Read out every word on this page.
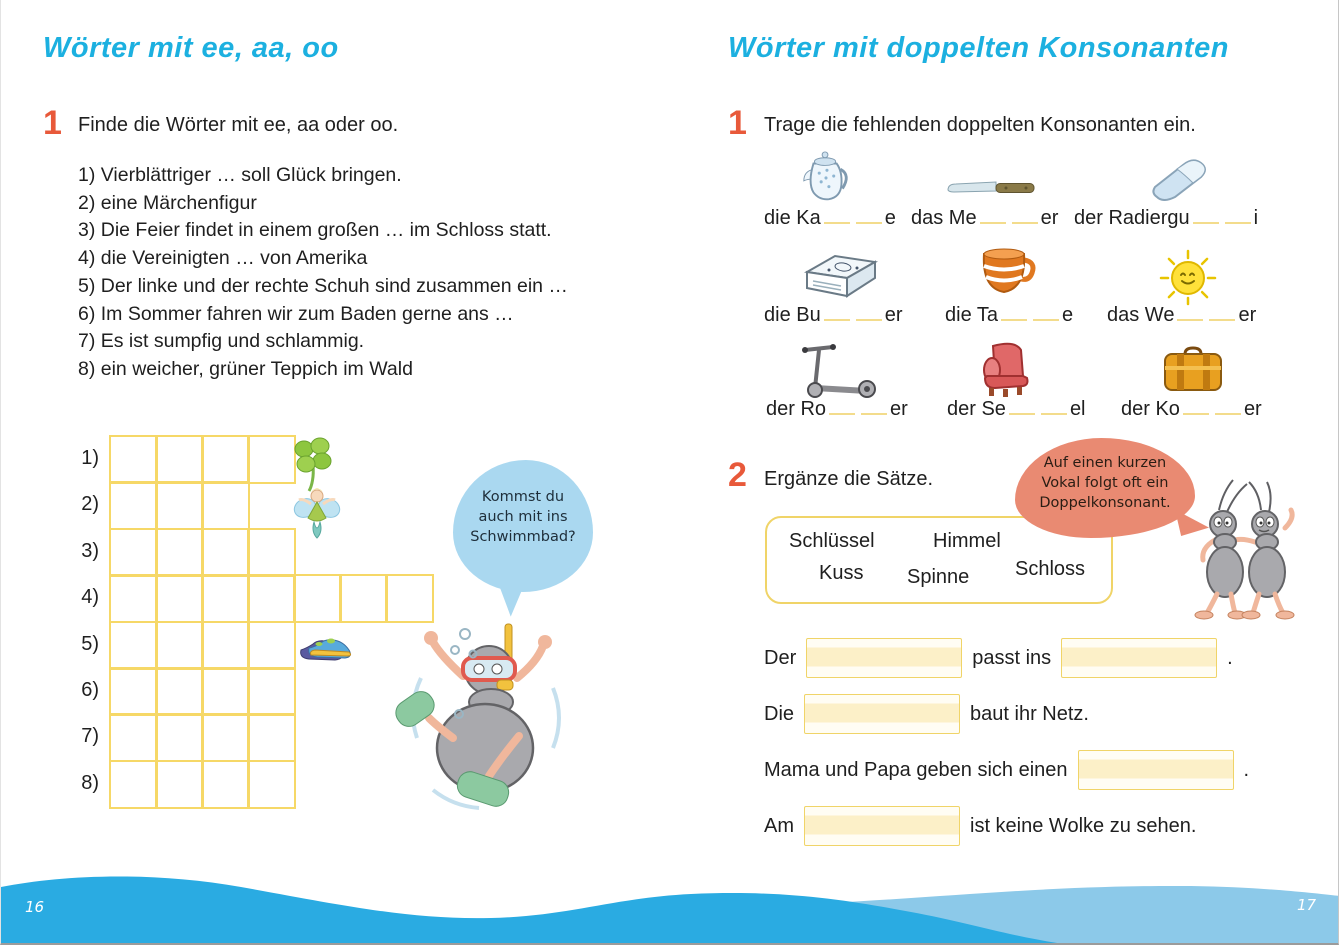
Wörter mit ee, aa, oo
1 Finde die Wörter mit ee, aa oder oo.
1) Vierblättriger … soll Glück bringen.
2) eine Märchenfigur
3) Die Feier findet in einem großen … im Schloss statt.
4) die Vereinigten … von Amerika
5) Der linke und der rechte Schuh sind zusammen ein …
6) Im Sommer fahren wir zum Baden gerne ans …
7) Es ist sumpfig und schlammig.
8) ein weicher, grüner Teppich im Wald
1)
2)
3)
4)
5)
6)
7)
8)
Kommst du
auch mit ins
Schwimmbad?
Wörter mit doppelten Konsonanten
1 Trage die fehlenden doppelten Konsonanten ein.
die Ka	e das Me	er der Radiergu	i
die Bu	er die Ta	e das We	er
der Ro	er der Se	el der Ko	er
2 Ergänze die Sätze.
Auf einen kurzen
Vokal folgt oft ein
Doppelkonsonant.
Schlüssel	Himmel
Kuss Spinne Schloss
Der	passt ins	.
Die	baut ihr Netz.
Mama und Papa geben sich einen	.
Am	ist keine Wolke zu sehen.
16	17
